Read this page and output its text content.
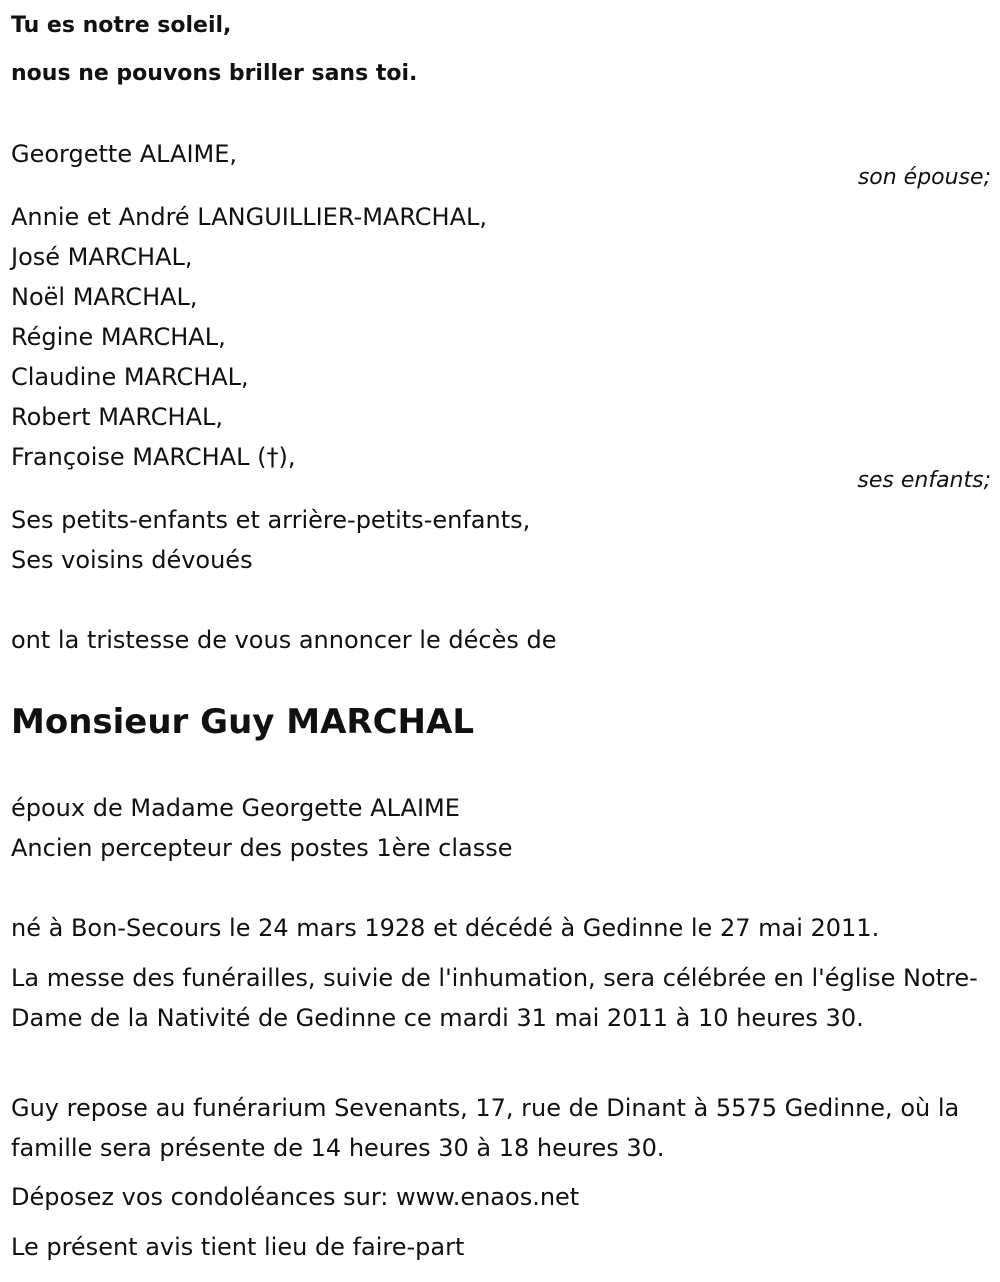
Tu es notre soleil,
nous ne pouvons briller sans toi.
Georgette ALAIME,
son épouse;
Annie et André LANGUILLIER-MARCHAL,
José MARCHAL,
Noël MARCHAL,
Régine MARCHAL,
Claudine MARCHAL,
Robert MARCHAL,
Françoise MARCHAL (†),
ses enfants;
Ses petits-enfants et arrière-petits-enfants,
Ses voisins dévoués
ont la tristesse de vous annoncer le décès de
Monsieur Guy MARCHAL
époux de Madame Georgette ALAIME
Ancien percepteur des postes 1ère classe
né à Bon-Secours le 24 mars 1928 et décédé à Gedinne le 27 mai 2011.
La messe des funérailles, suivie de l'inhumation, sera célébrée en l'église Notre-Dame de la Nativité de Gedinne ce mardi 31 mai 2011 à 10 heures 30.
Guy repose au funérarium Sevenants, 17, rue de Dinant à 5575 Gedinne, où la famille sera présente de 14 heures 30 à 18 heures 30.
Déposez vos condoléances sur: www.enaos.net
Le présent avis tient lieu de faire-part
